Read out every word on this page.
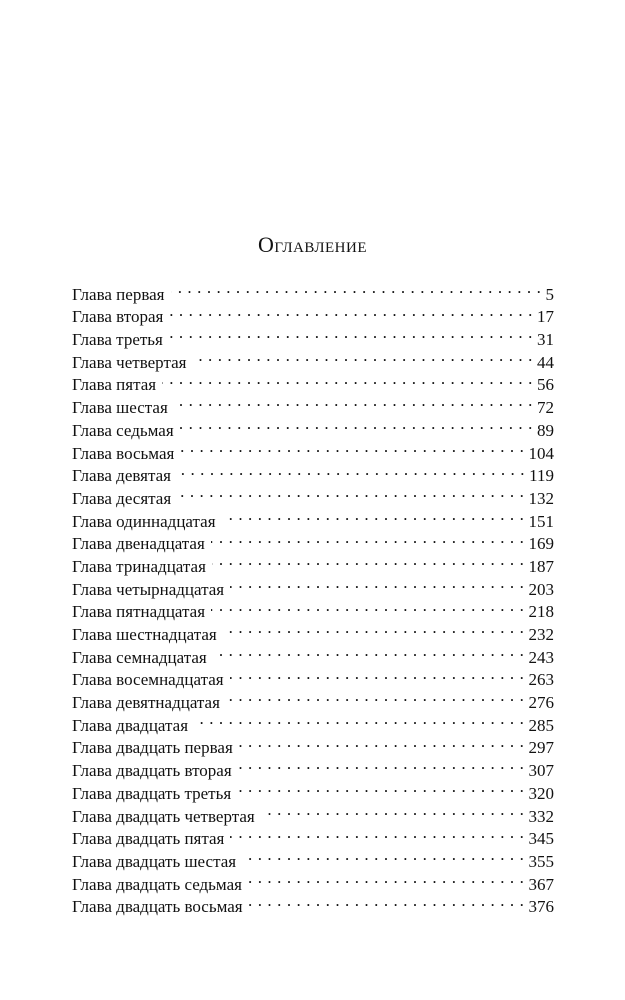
Оглавление
Глава первая . . .	5
Глава вторая . . .	17
Глава третья . . .	31
Глава четвертая . . .	44
Глава пятая . . .	56
Глава шестая . . .	72
Глава седьмая . . .	89
Глава восьмая . . .	104
Глава девятая . . .	119
Глава десятая . . .	132
Глава одиннадцатая . . .	151
Глава двенадцатая . . .	169
Глава тринадцатая . . .	187
Глава четырнадцатая . . .	203
Глава пятнадцатая . . .	218
Глава шестнадцатая . . .	232
Глава семнадцатая . . .	243
Глава восемнадцатая . . .	263
Глава девятнадцатая . . .	276
Глава двадцатая . . .	285
Глава двадцать первая . . .	297
Глава двадцать вторая . . .	307
Глава двадцать третья . . .	320
Глава двадцать четвертая . . .	332
Глава двадцать пятая . . .	345
Глава двадцать шестая . . .	355
Глава двадцать седьмая . . .	367
Глава двадцать восьмая . . .	376
